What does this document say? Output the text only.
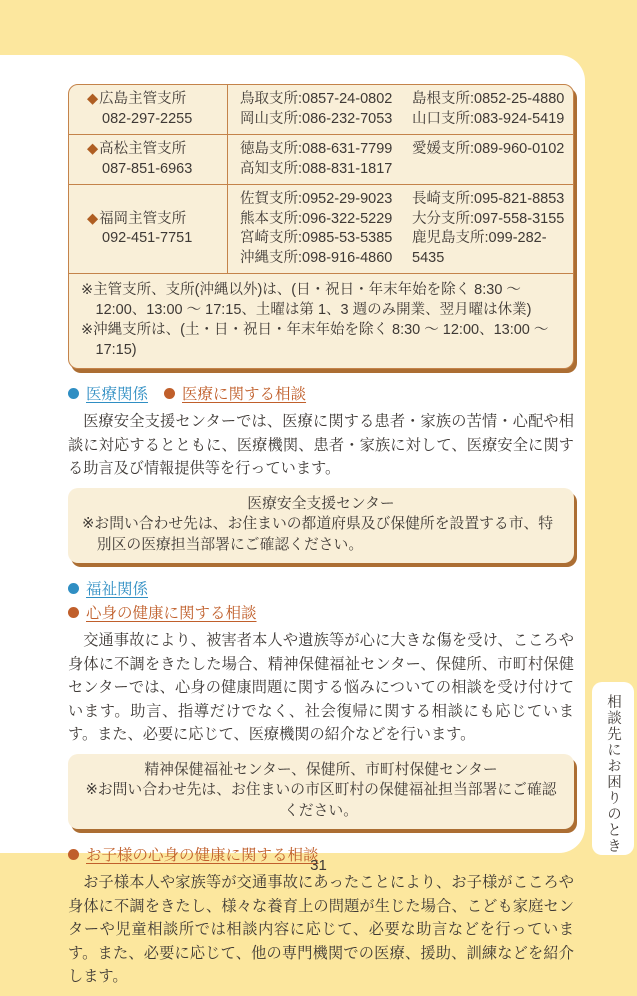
◆広島主管支所
082-297-2255
鳥取支所:0857-24-0802
岡山支所:086-232-7053
島根支所:0852-25-4880
山口支所:083-924-5419
◆高松主管支所
087-851-6963
徳島支所:088-631-7799
高知支所:088-831-1817
愛媛支所:089-960-0102
◆福岡主管支所
092-451-7751
佐賀支所:0952-29-9023
熊本支所:096-322-5229
宮崎支所:0985-53-5385
沖縄支所:098-916-4860
長崎支所:095-821-8853
大分支所:097-558-3155
鹿児島支所:099-282-5435
※主管支所、支所(沖縄以外)は、(日・祝日・年末年始を除く 8:30 〜 12:00、13:00 〜 17:15、土曜は第 1、3 週のみ開業、翌月曜は休業)
※沖縄支所は、(土・日・祝日・年末年始を除く 8:30 〜 12:00、13:00 〜 17:15)
医療関係 医療に関する相談

医療安全支援センターでは、医療に関する患者・家族の苦情・心配や相談に対応するとともに、医療機関、患者・家族に対して、医療安全に関する助言及び情報提供等を行っています。

医療安全支援センター
※お問い合わせ先は、お住まいの都道府県及び保健所を設置する市、特別区の医療担当部署にご確認ください。
福祉関係
心身の健康に関する相談

交通事故により、被害者本人や遺族等が心に大きな傷を受け、こころや身体に不調をきたした場合、精神保健福祉センター、保健所、市町村保健センターでは、心身の健康問題に関する悩みについての相談を受け付けています。助言、指導だけでなく、社会復帰に関する相談にも応じています。また、必要に応じて、医療機関の紹介などを行います。

精神保健福祉センター、保健所、市町村保健センター
※お問い合わせ先は、お住まいの市区町村の保健福祉担当部署にご確認ください。
お子様の心身の健康に関する相談

お子様本人や家族等が交通事故にあったことにより、お子様がこころや身体に不調をきたし、様々な養育上の問題が生じた場合、こども家庭センターや児童相談所では相談内容に応じて、必要な助言などを行っています。また、必要に応じて、他の専門機関での医療、援助、訓練などを紹介します。

相談先にお困りのとき
31
